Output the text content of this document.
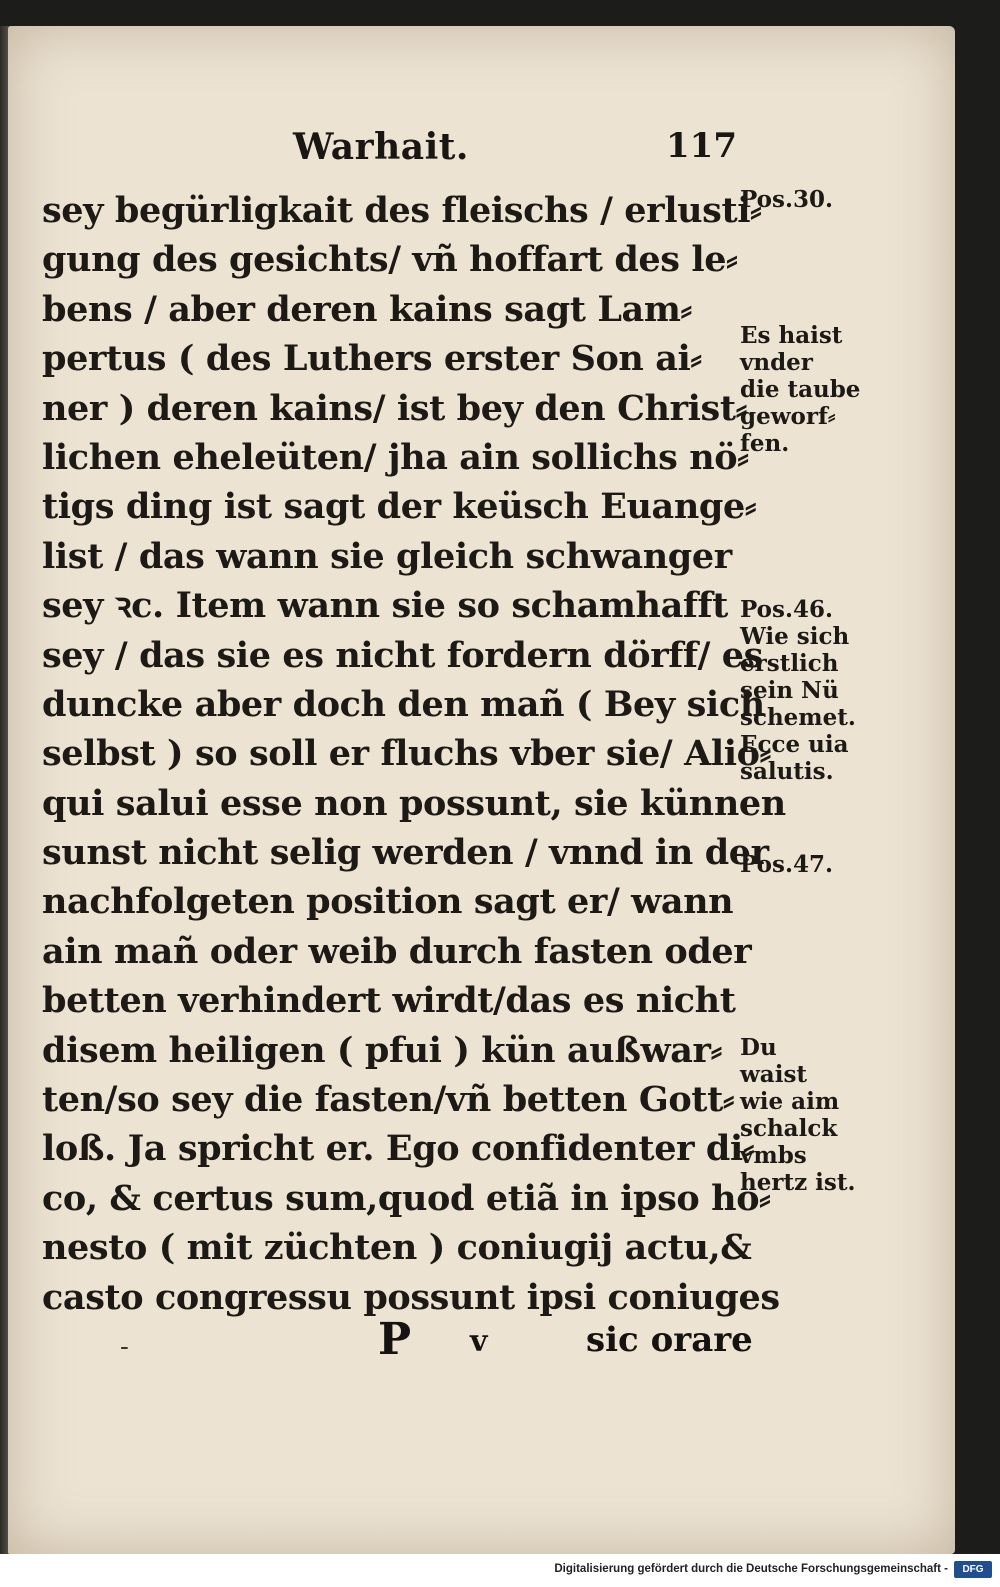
Warhait.	117
sey begürligkait des fleischs / erlusti⸗
gung des gesichts/ vñ hoffart des le⸗
bens / aber deren kains sagt Lam⸗
pertus ( des Luthers erster Son ai⸗
ner ) deren kains/ ist bey den Christ⸗
lichen eheleüten/ jha ain sollichs nö⸗
tigs ding ist sagt der keüsch Euange⸗
list / das wann sie gleich schwanger
sey ꝛc. Item wann sie so schamhafft
sey / das sie es nicht fordern dörff/ es
duncke aber doch den mañ ( Bey sich
selbst ) so soll er fluchs vber sie/ Alio⸗
qui salui esse non possunt, sie künnen
sunst nicht selig werden / vnnd in der
nachfolgeten position sagt er/ wann
ain mañ oder weib durch fasten oder
betten verhindert wirdt/das es nicht
disem heiligen ( pfui ) kün außwar⸗
ten/so sey die fasten/vñ betten Gott⸗
loß. Ja spricht er. Ego confidenter di⸗
co, & certus sum,quod etiã in ipso ho⸗
nesto ( mit züchten ) coniugij actu,&
casto congressu possunt ipsi coniuges
Pos.30.
Es haist
vnder
die taube
geworf⸗
fen.
Pos.46.
Wie sich
erstlich
sein Nü
schemet.
Ecce uia
salutis.
Pos.47.
Du
waist
wie aim
schalck
vmbs
hertz ist.
-	P v	sic orare
Digitalisierung gefördert durch die Deutsche Forschungsgemeinschaft -	DFG
